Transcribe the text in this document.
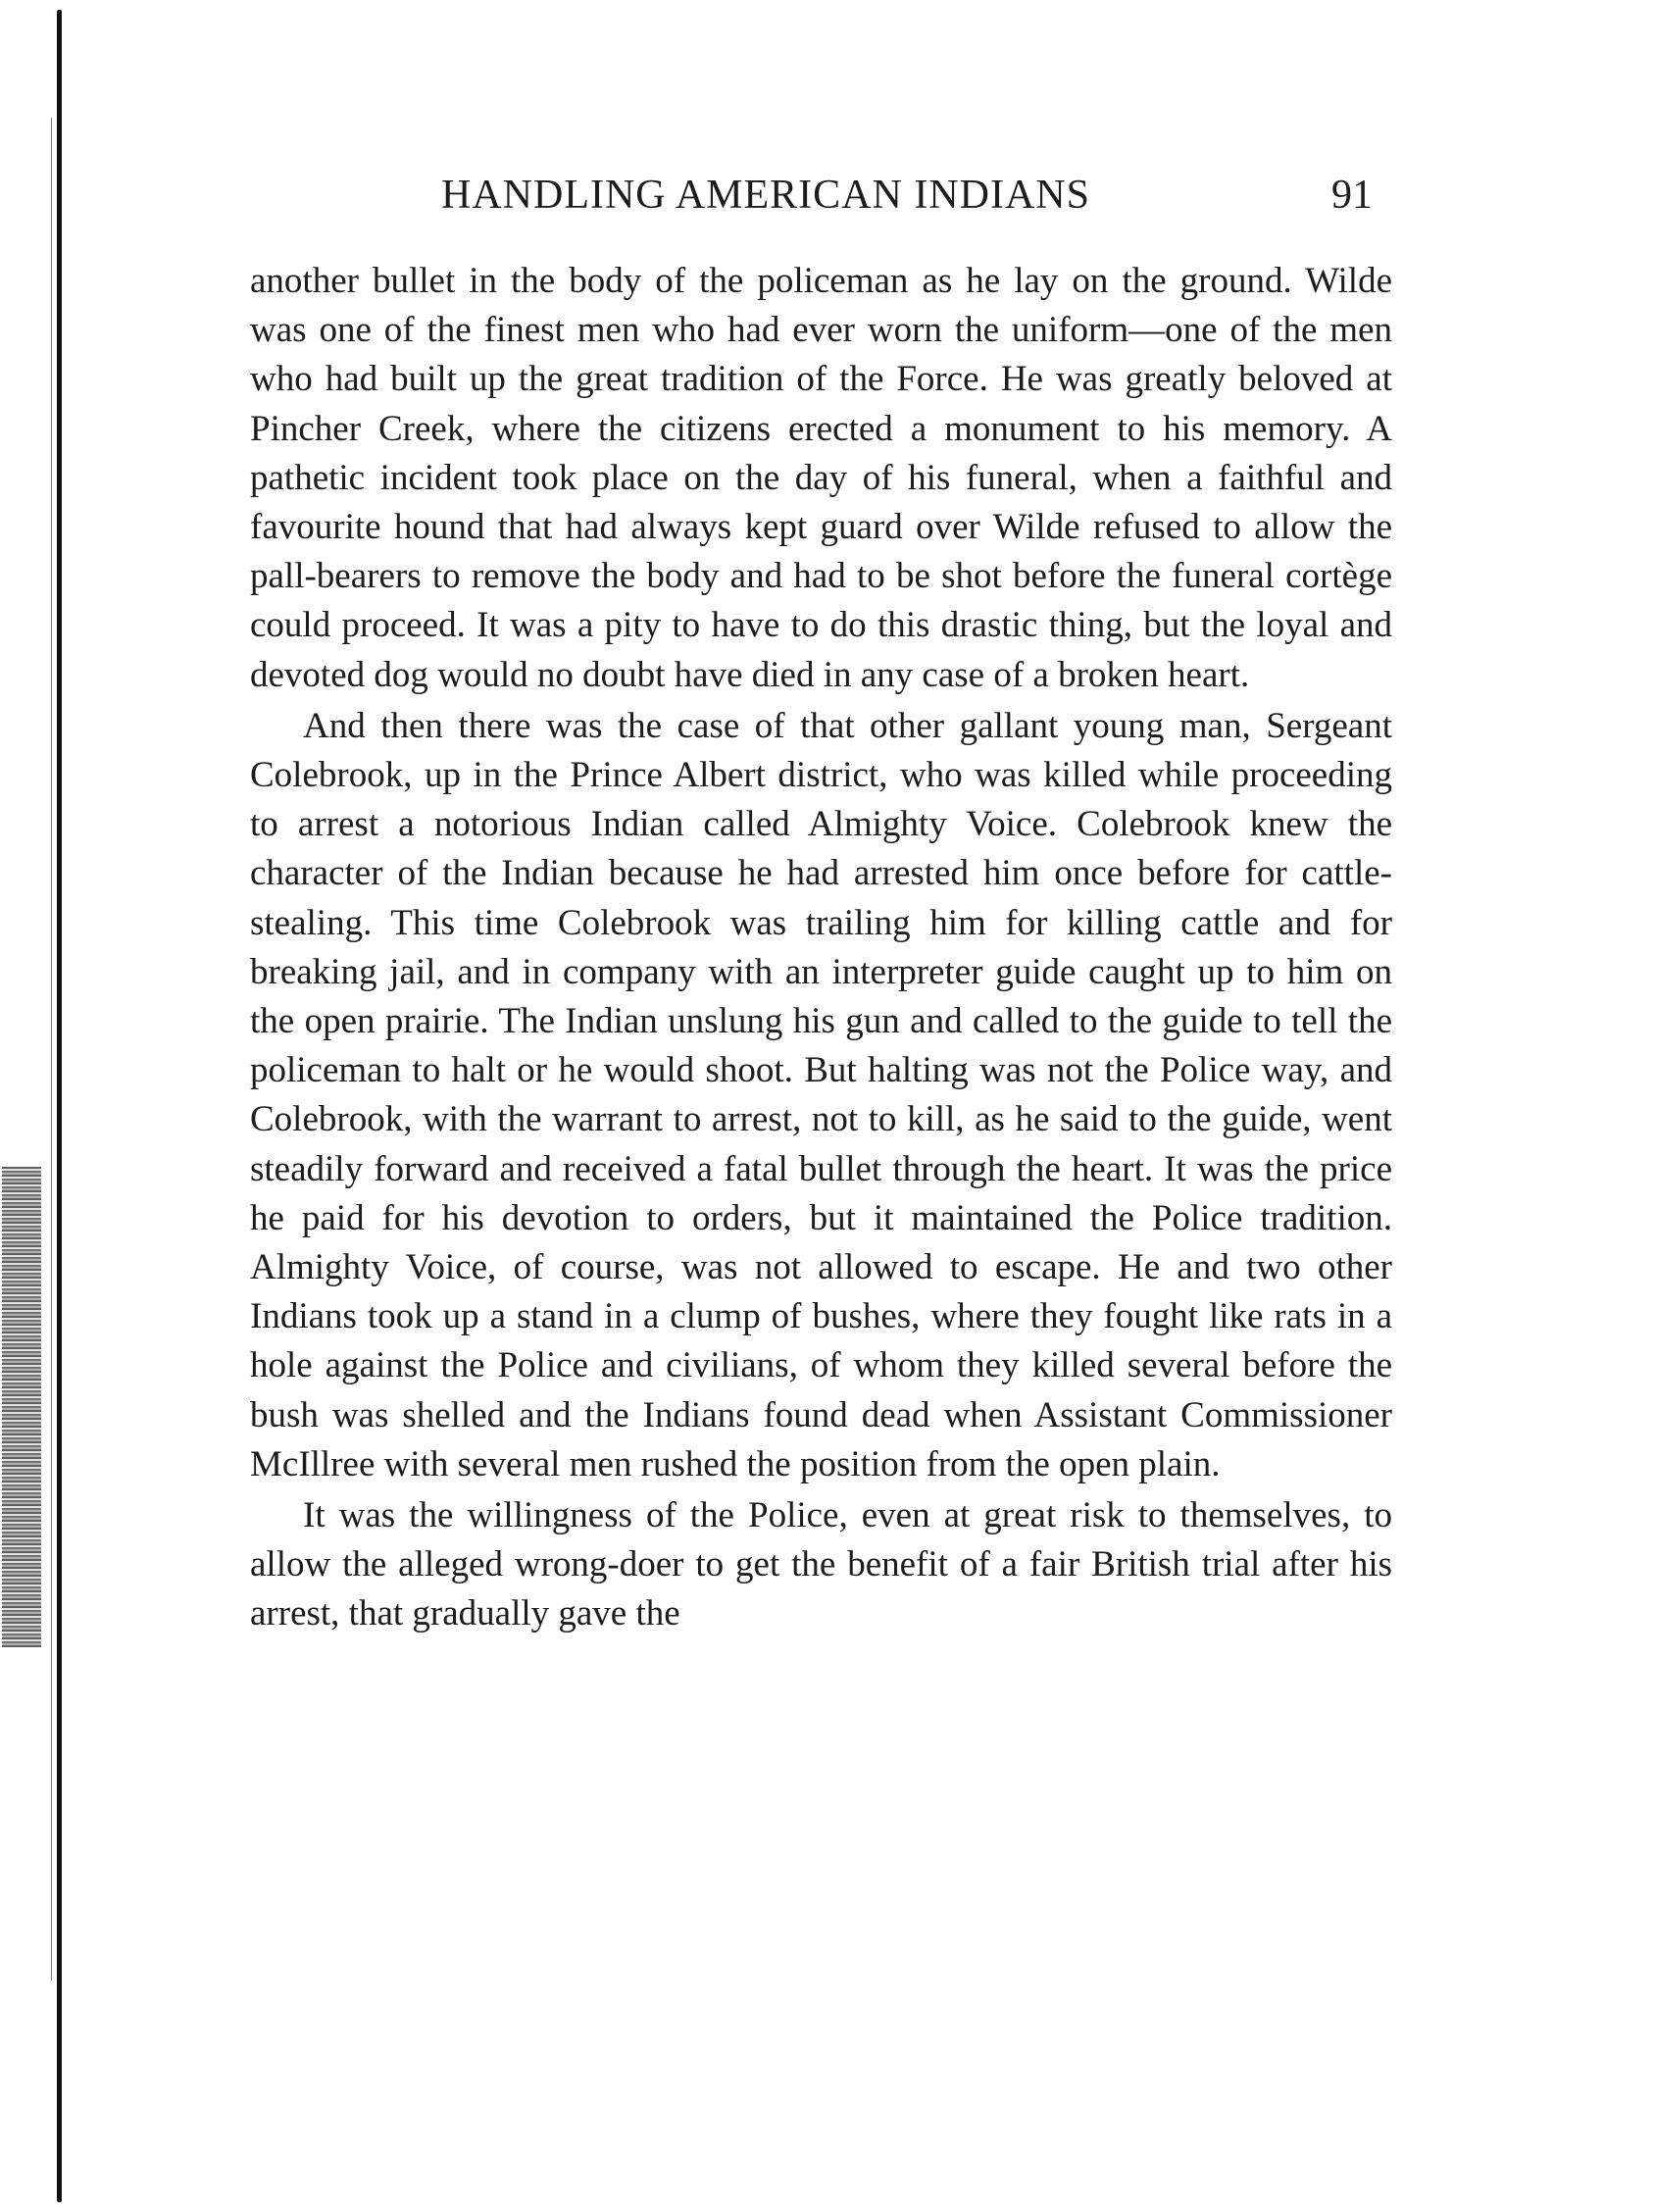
HANDLING AMERICAN INDIANS	91

another bullet in the body of the policeman as he lay on the ground. Wilde was one of the finest men who had ever worn the uniform—one of the men who had built up the great tradition of the Force. He was greatly beloved at Pincher Creek, where the citizens erected a monument to his memory. A pathetic incident took place on the day of his funeral, when a faithful and favourite hound that had always kept guard over Wilde refused to allow the pall-bearers to remove the body and had to be shot before the funeral cortège could proceed. It was a pity to have to do this drastic thing, but the loyal and devoted dog would no doubt have died in any case of a broken heart.

And then there was the case of that other gallant young man, Sergeant Colebrook, up in the Prince Albert district, who was killed while proceeding to arrest a notorious Indian called Almighty Voice. Colebrook knew the character of the Indian because he had arrested him once before for cattle-stealing. This time Colebrook was trailing him for killing cattle and for breaking jail, and in company with an interpreter guide caught up to him on the open prairie. The Indian unslung his gun and called to the guide to tell the policeman to halt or he would shoot. But halting was not the Police way, and Colebrook, with the warrant to arrest, not to kill, as he said to the guide, went steadily forward and received a fatal bullet through the heart. It was the price he paid for his devotion to orders, but it maintained the Police tradition. Almighty Voice, of course, was not allowed to escape. He and two other Indians took up a stand in a clump of bushes, where they fought like rats in a hole against the Police and civilians, of whom they killed several before the bush was shelled and the Indians found dead when Assistant Commissioner McIllree with several men rushed the position from the open plain.

It was the willingness of the Police, even at great risk to themselves, to allow the alleged wrong-doer to get the benefit of a fair British trial after his arrest, that gradually gave the
